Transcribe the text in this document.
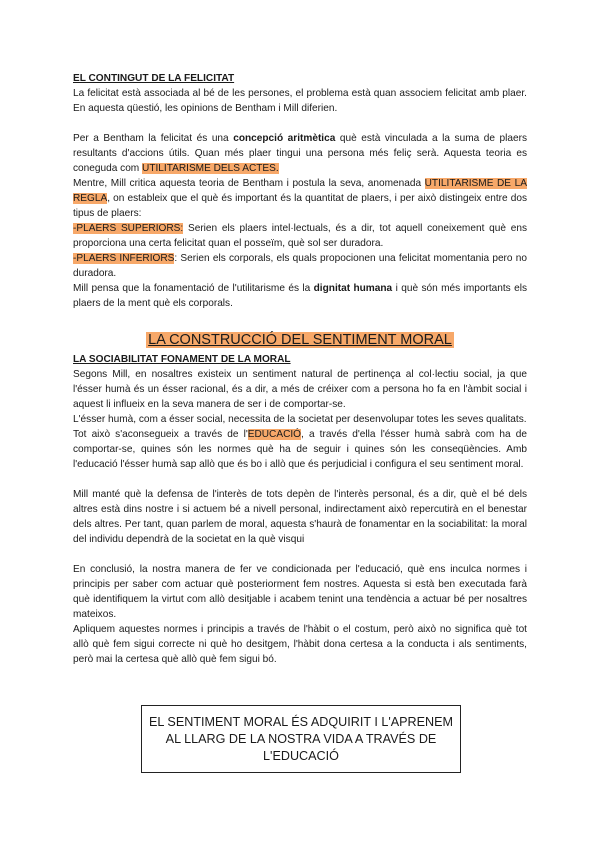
EL CONTINGUT DE LA FELICITAT

La felicitat està associada al bé de les persones, el problema està quan associem felicitat amb plaer. En aquesta qüestió, les opinions de Bentham i Mill diferien.

Per a Bentham la felicitat és una concepció aritmètica què està vinculada a la suma de plaers resultants d'accions útils. Quan més plaer tingui una persona més feliç serà. Aquesta teoria es coneguda com UTILITARISME DELS ACTES.

Mentre, Mill critica aquesta teoria de Bentham i postula la seva, anomenada UTILITARISME DE LA REGLA, on estableix que el què és important és la quantitat de plaers, i per això distingeix entre dos tipus de plaers:

-PLAERS SUPERIORS: Serien els plaers intel·lectuals, és a dir, tot aquell coneixement què ens proporciona una certa felicitat quan el posseïm, què sol ser duradora.

-PLAERS INFERIORS: Serien els corporals, els quals propocionen una felicitat momentania pero no duradora.

Mill pensa que la fonamentació de l'utilitarisme és la dignitat humana i què són més importants els plaers de la ment què els corporals.

LA CONSTRUCCIÓ DEL SENTIMENT MORAL

LA SOCIABILITAT FONAMENT DE LA MORAL

Segons Mill, en nosaltres existeix un sentiment natural de pertinença al col·lectiu social, ja que l'ésser humà és un ésser racional, és a dir, a més de créixer com a persona ho fa en l'àmbit social i aquest li influeix en la seva manera de ser i de comportar-se.

L'ésser humà, com a ésser social, necessita de la societat per desenvolupar totes les seves qualitats.

Tot això s'aconsegueix a través de l'EDUCACIÓ, a través d'ella l'ésser humà sabrà com ha de comportar-se, quines són les normes què ha de seguir i quines són les conseqüències. Amb l'educació l'ésser humà sap allò que és bo i allò que és perjudicial i configura el seu sentiment moral.

Mill manté què la defensa de l'interès de tots depèn de l'interès personal, és a dir, què el bé dels altres està dins nostre i si actuem bé a nivell personal, indirectament això repercutirà en el benestar dels altres. Per tant, quan parlem de moral, aquesta s'haurà de fonamentar en la sociabilitat: la moral del individu dependrà de la societat en la què visqui

En conclusió, la nostra manera de fer ve condicionada per l'educació, què ens inculca normes i principis per saber com actuar què posteriorment fem nostres. Aquesta si està ben executada farà què identifiquem la virtut com allò desitjable i acabem tenint una tendència a actuar bé per nosaltres mateixos.

Apliquem aquestes normes i principis a través de l'hàbit o el costum, però això no significa què tot allò què fem sigui correcte ni què ho desitgem, l'hàbit dona certesa a la conducta i als sentiments, però mai la certesa què allò què fem sigui bó.

EL SENTIMENT MORAL ÉS ADQUIRIT I L'APRENEM AL LLARG DE LA NOSTRA VIDA A TRAVÉS DE L'EDUCACIÓ
